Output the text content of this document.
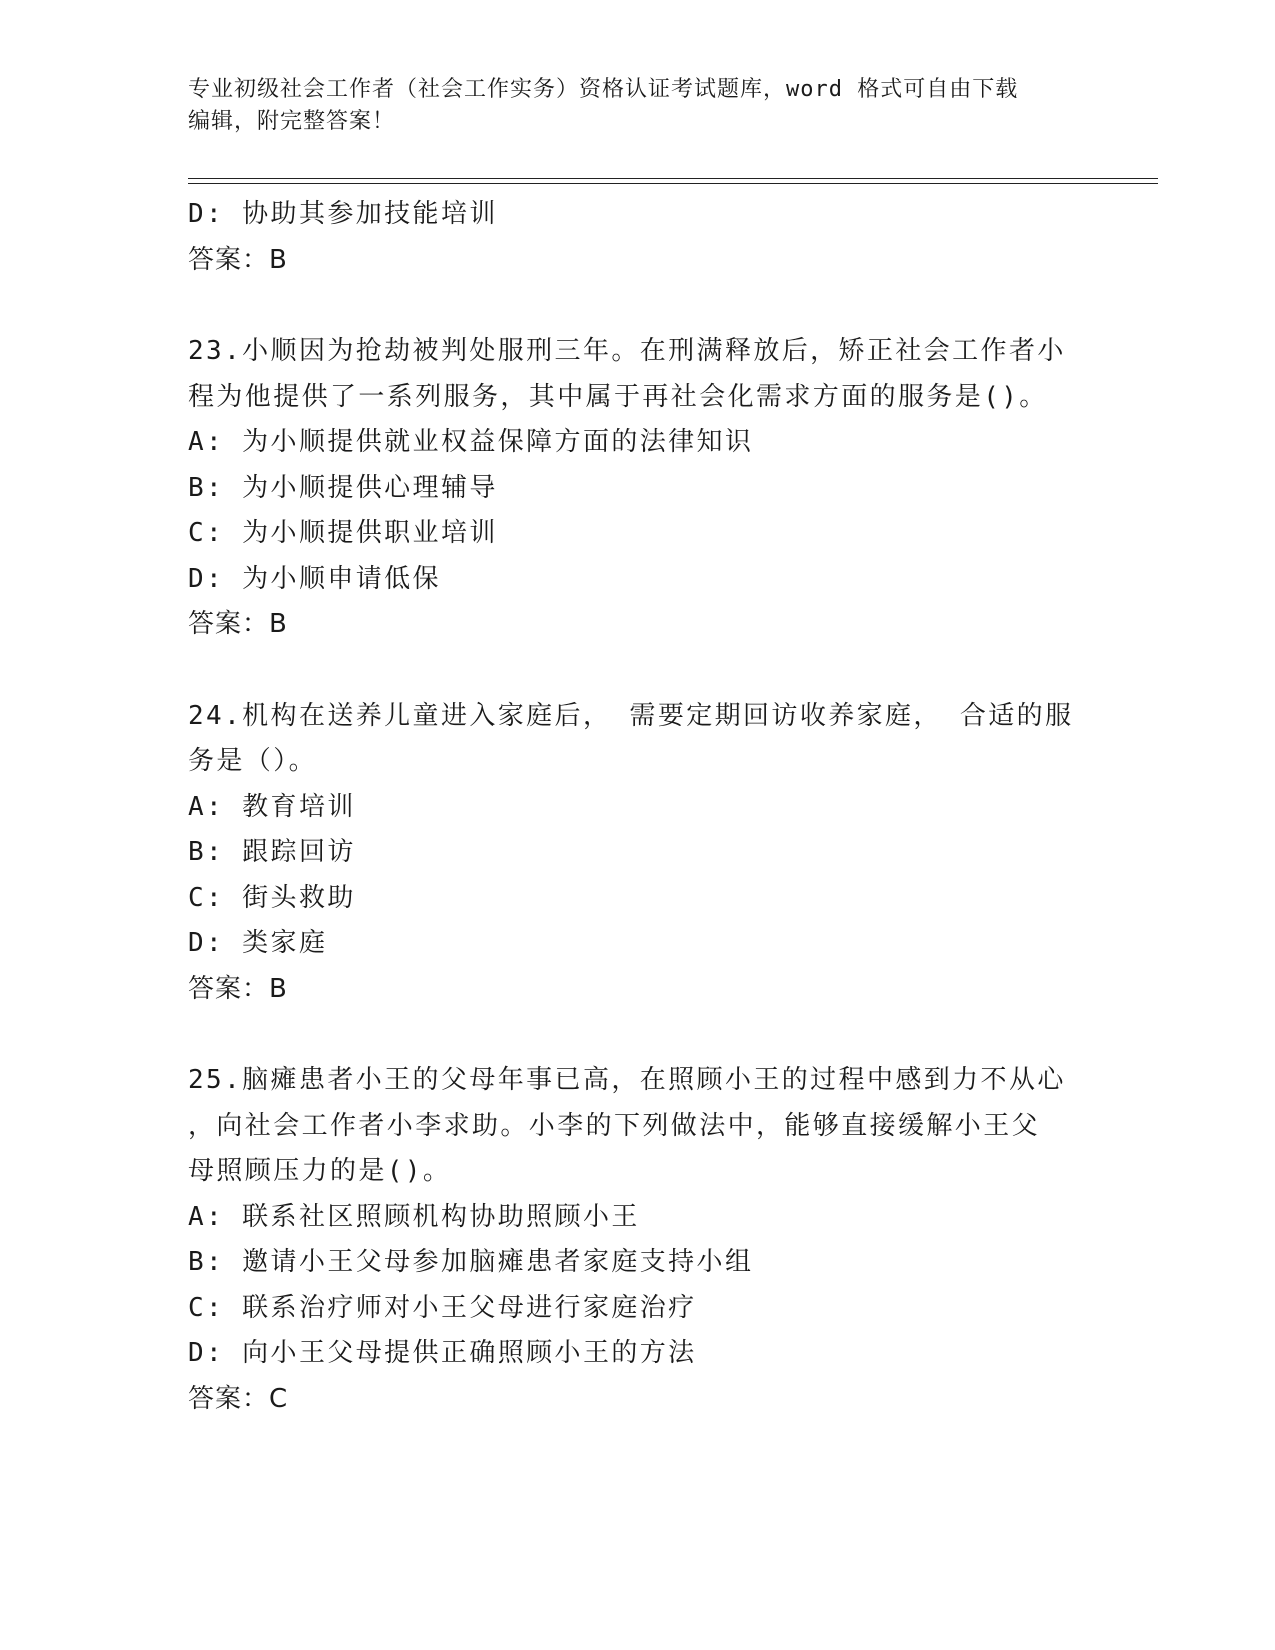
专业初级社会工作者（社会工作实务）资格认证考试题库，word 格式可自由下载
编辑，附完整答案！
D: 协助其参加技能培训
答案：B
23.小顺因为抢劫被判处服刑三年。在刑满释放后，矫正社会工作者小
程为他提供了一系列服务，其中属于再社会化需求方面的服务是()。
A: 为小顺提供就业权益保障方面的法律知识
B: 为小顺提供心理辅导
C: 为小顺提供职业培训
D: 为小顺申请低保
答案：B
24.机构在送养儿童进入家庭后， 需要定期回访收养家庭， 合适的服
务是（）。
A: 教育培训
B: 跟踪回访
C: 街头救助
D: 类家庭
答案：B
25.脑瘫患者小王的父母年事已高，在照顾小王的过程中感到力不从心
，向社会工作者小李求助。小李的下列做法中，能够直接缓解小王父
母照顾压力的是()。
A: 联系社区照顾机构协助照顾小王
B: 邀请小王父母参加脑瘫患者家庭支持小组
C: 联系治疗师对小王父母进行家庭治疗
D: 向小王父母提供正确照顾小王的方法
答案：C
